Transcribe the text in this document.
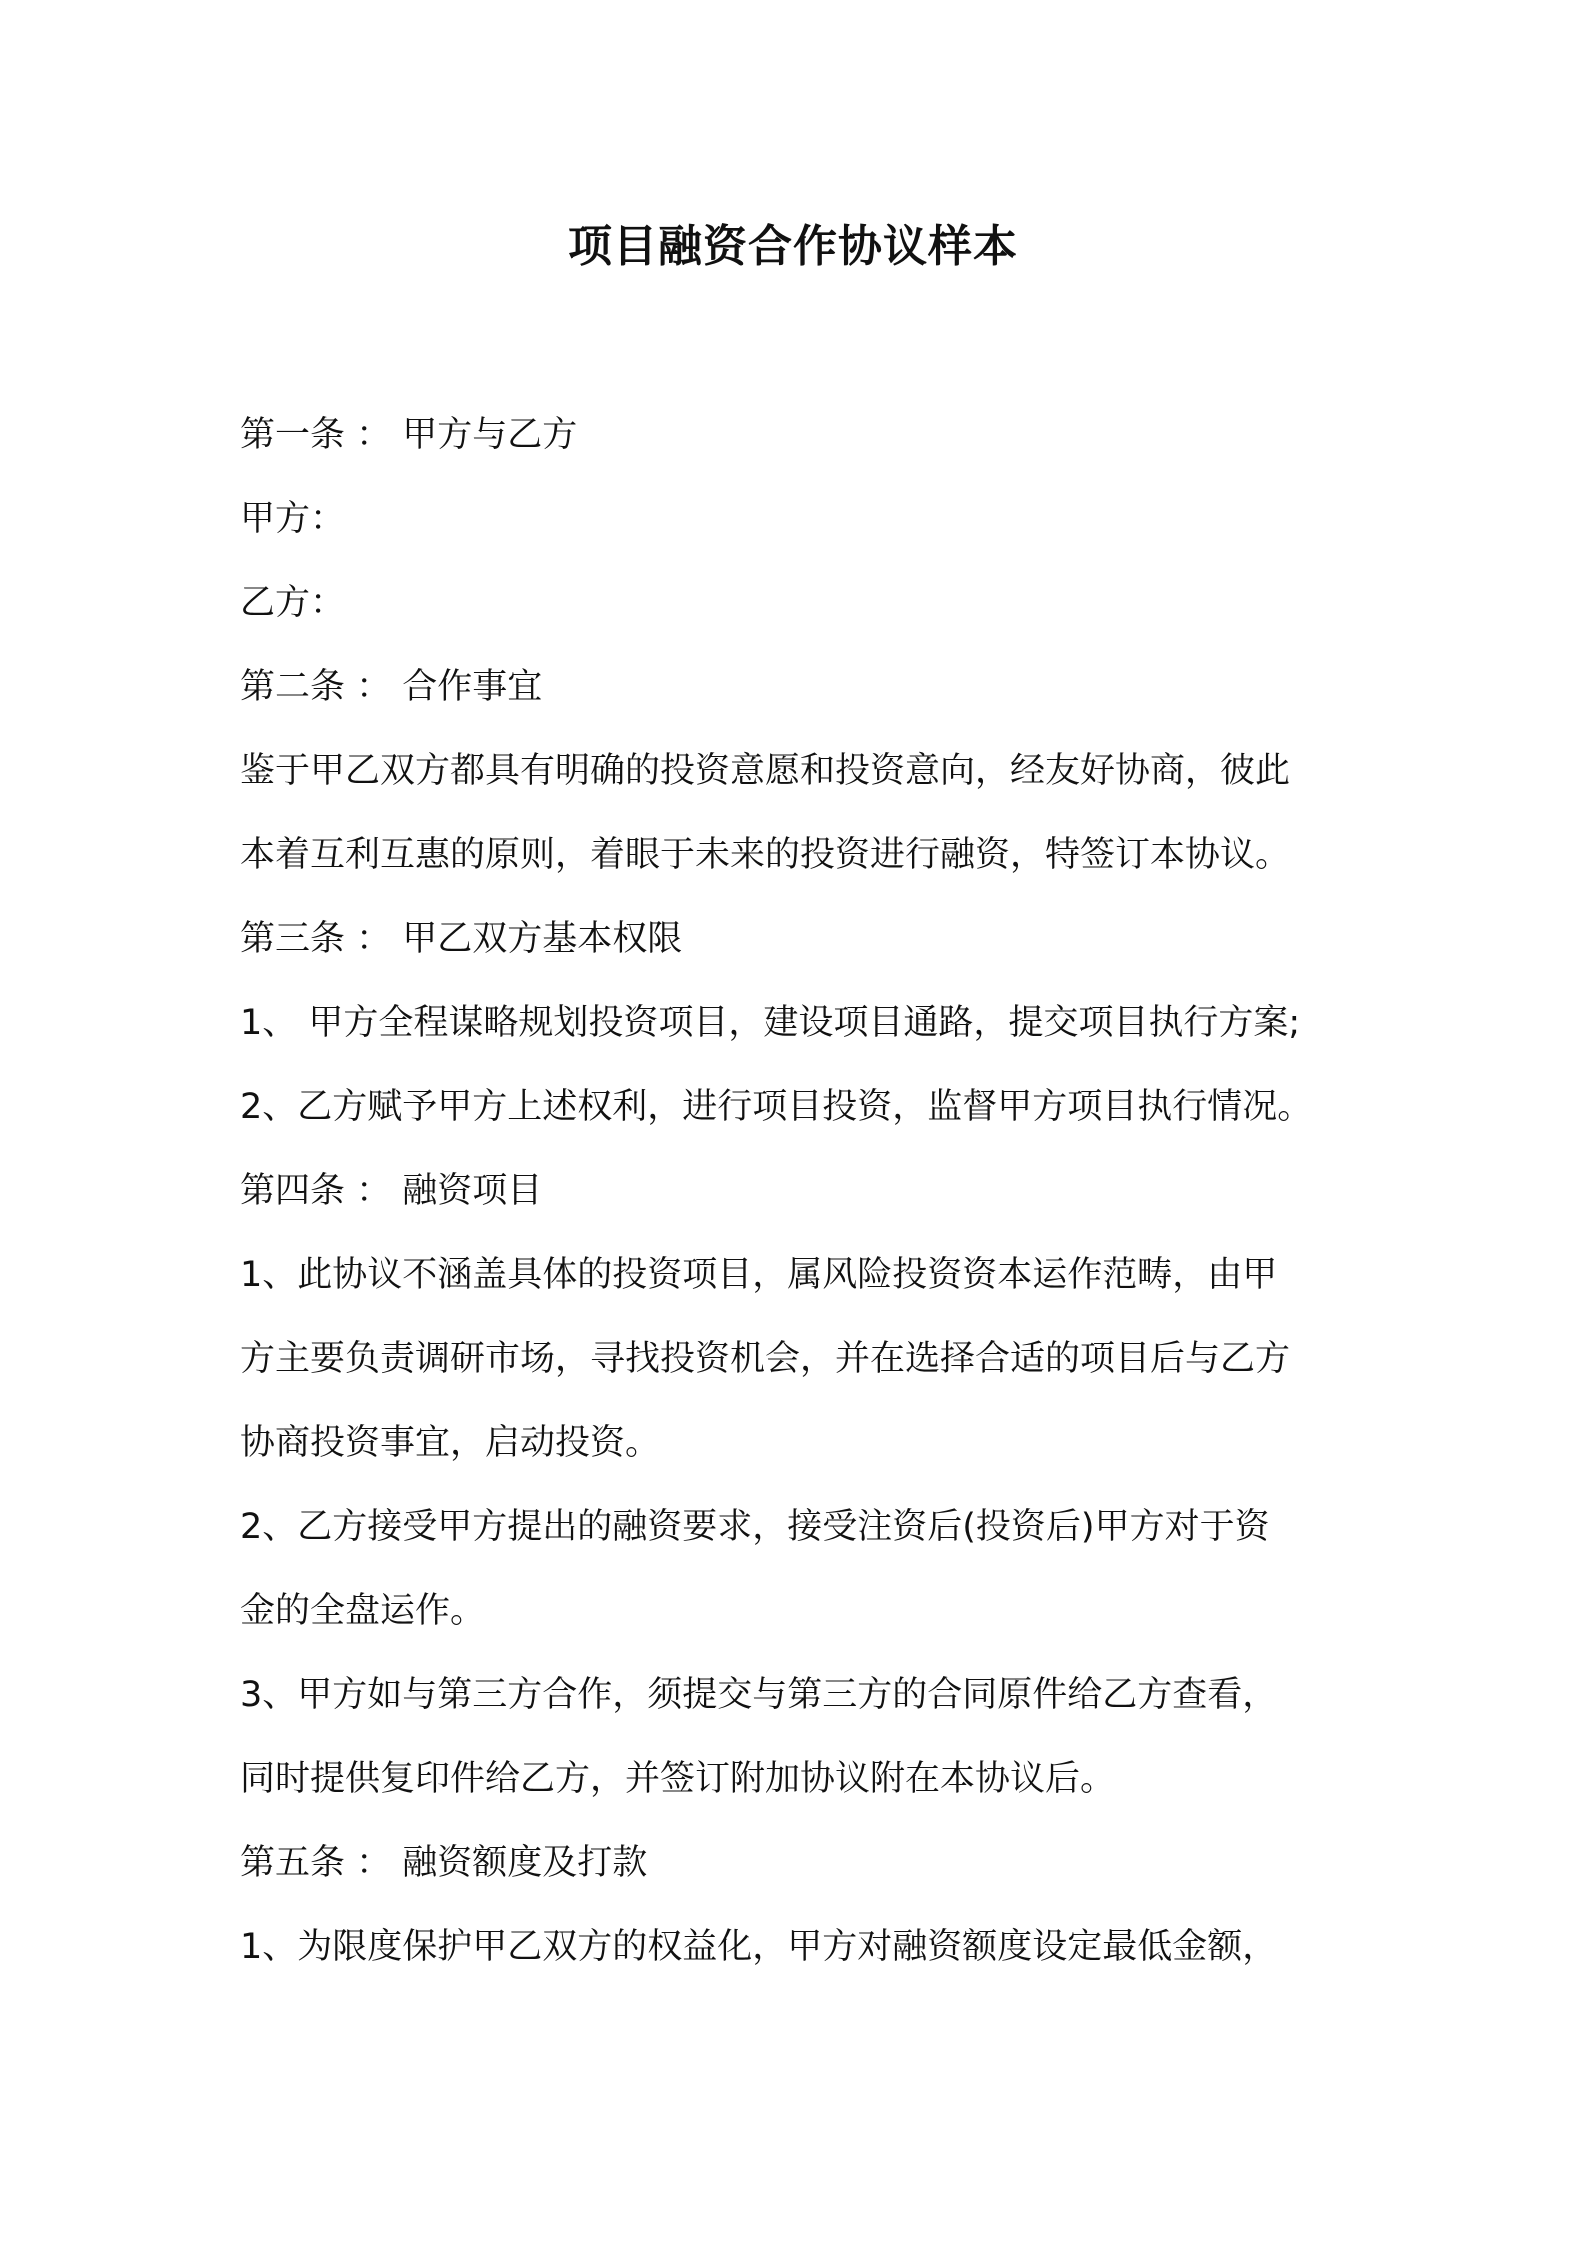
项目融资合作协议样本
第一条 ： 甲方与乙方
甲方：
乙方：
第二条 ： 合作事宜
鉴于甲乙双方都具有明确的投资意愿和投资意向，经友好协商，彼此
本着互利互惠的原则，着眼于未来的投资进行融资，特签订本协议。
第三条 ： 甲乙双方基本权限
1、 甲方全程谋略规划投资项目，建设项目通路，提交项目执行方案;
2、乙方赋予甲方上述权利，进行项目投资，监督甲方项目执行情况。
第四条 ： 融资项目
1、此协议不涵盖具体的投资项目，属风险投资资本运作范畴，由甲
方主要负责调研市场，寻找投资机会，并在选择合适的项目后与乙方
协商投资事宜，启动投资。
2、乙方接受甲方提出的融资要求，接受注资后(投资后)甲方对于资
金的全盘运作。
3、甲方如与第三方合作，须提交与第三方的合同原件给乙方查看，
同时提供复印件给乙方，并签订附加协议附在本协议后。
第五条 ： 融资额度及打款
1、为限度保护甲乙双方的权益化，甲方对融资额度设定最低金额，
